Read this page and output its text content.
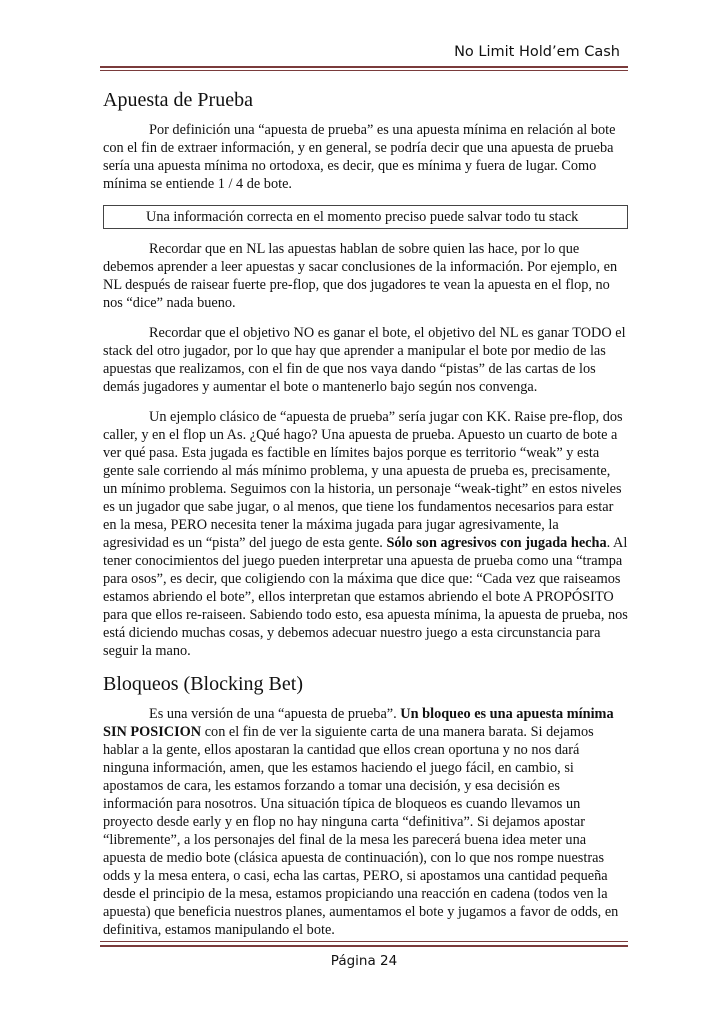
No Limit Hold’em Cash
Apuesta de Prueba

Por definición una “apuesta de prueba” es una apuesta mínima en relación al bote con el fin de extraer información, y en general, se podría decir que una apuesta de prueba sería una apuesta mínima no ortodoxa, es decir, que es mínima y fuera de lugar. Como mínima se entiende 1 / 4 de bote.

Una información correcta en el momento preciso puede salvar todo tu stack

Recordar que en NL las apuestas hablan de sobre quien las hace, por lo que debemos aprender a leer apuestas y sacar conclusiones de la información. Por ejemplo, en NL después de raisear fuerte pre-flop, que dos jugadores te vean la apuesta en el flop, no nos “dice” nada bueno.

Recordar que el objetivo NO es ganar el bote, el objetivo del NL es ganar TODO el stack del otro jugador, por lo que hay que aprender a manipular el bote por medio de las apuestas que realizamos, con el fin de que nos vaya dando “pistas” de las cartas de los demás jugadores y aumentar el bote o mantenerlo bajo según nos convenga.

Un ejemplo clásico de “apuesta de prueba” sería jugar con KK. Raise pre-flop, dos caller, y en el flop un As. ¿Qué hago? Una apuesta de prueba. Apuesto un cuarto de bote a ver qué pasa. Esta jugada es factible en límites bajos porque es territorio “weak” y esta gente sale corriendo al más mínimo problema, y una apuesta de prueba es, precisamente, un mínimo problema. Seguimos con la historia, un personaje “weak-tight” en estos niveles es un jugador que sabe jugar, o al menos, que tiene los fundamentos necesarios para estar en la mesa, PERO necesita tener la máxima jugada para jugar agresivamente, la agresividad es un “pista” del juego de esta gente. Sólo son agresivos con jugada hecha. Al tener conocimientos del juego pueden interpretar una apuesta de prueba como una “trampa para osos”, es decir, que coligiendo con la máxima que dice que: “Cada vez que raiseamos estamos abriendo el bote”, ellos interpretan que estamos abriendo el bote A PROPÓSITO para que ellos re-raiseen. Sabiendo todo esto, esa apuesta mínima, la apuesta de prueba, nos está diciendo muchas cosas, y debemos adecuar nuestro juego a esta circunstancia para seguir la mano.

Bloqueos (Blocking Bet)

Es una versión de una “apuesta de prueba”. Un bloqueo es una apuesta mínima SIN POSICION con el fin de ver la siguiente carta de una manera barata. Si dejamos hablar a la gente, ellos apostaran la cantidad que ellos crean oportuna y no nos dará ninguna información, amen, que les estamos haciendo el juego fácil, en cambio, si apostamos de cara, les estamos forzando a tomar una decisión, y esa decisión es información para nosotros. Una situación típica de bloqueos es cuando llevamos un proyecto desde early y en flop no hay ninguna carta “definitiva”. Si dejamos apostar “libremente”, a los personajes del final de la mesa les parecerá buena idea meter una apuesta de medio bote (clásica apuesta de continuación), con lo que nos rompe nuestras odds y la mesa entera, o casi, echa las cartas, PERO, si apostamos una cantidad pequeña desde el principio de la mesa, estamos propiciando una reacción en cadena (todos ven la apuesta) que beneficia nuestros planes, aumentamos el bote y jugamos a favor de odds, en definitiva, estamos manipulando el bote.

Página 24
